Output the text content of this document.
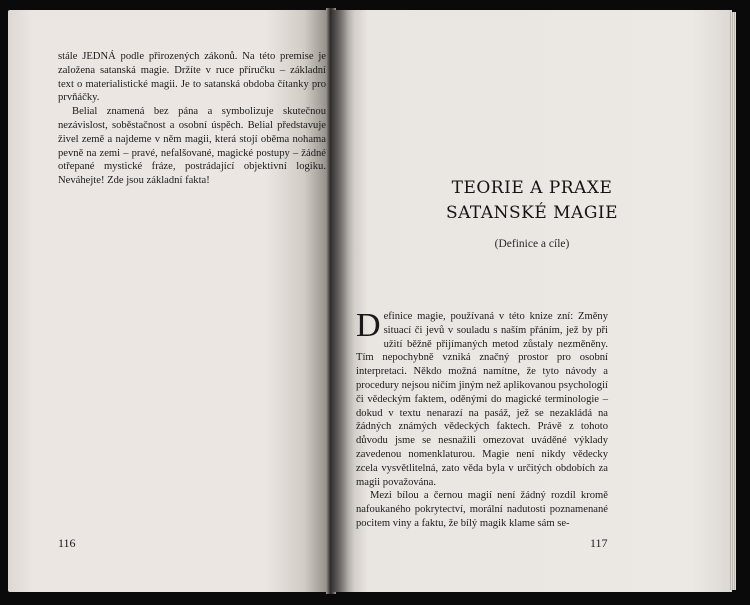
stále JEDNÁ podle přirozených zákonů. Na této premise je založena satanská magie. Držíte v ruce příručku – základní text o materialistické magii. Je to satanská obdoba čítanky pro prvňáčky.

Belial znamená bez pána a symbolizuje skutečnou nezávislost, soběstačnost a osobní úspěch. Belial představuje živel země a najdeme v něm magii, která stojí oběma nohama pevně na zemi – pravé, nefalšované, magické postupy – žádné otřepané mystické fráze, postrádající objektivní logiku. Neváhejte! Zde jsou základní fakta!

116
TEORIE A PRAXE
SATANSKÉ MAGIE
(Definice a cíle)

Definice magie, používaná v této knize zní: Změny situací či jevů v souladu s naším přáním, jež by při užití běžně přijímaných metod zůstaly nezměněny. Tím nepochybně vzniká značný prostor pro osobní interpretaci. Někdo možná namítne, že tyto návody a procedury nejsou ničím jiným než aplikovanou psychologií či vědeckým faktem, oděnými do magické terminologie – dokud v textu nenarazí na pasáž, jež se nezakládá na žádných známých vědeckých faktech. Právě z tohoto důvodu jsme se nesnažili omezovat uváděné výklady zavedenou nomenklaturou. Magie není nikdy vědecky zcela vysvětlitelná, zato věda byla v určitých obdobích za magii považována.

Mezi bílou a černou magií není žádný rozdíl kromě nafoukaného pokrytectví, morální nadutosti poznamenané pocitem viny a faktu, že bílý magik klame sám se-

117
